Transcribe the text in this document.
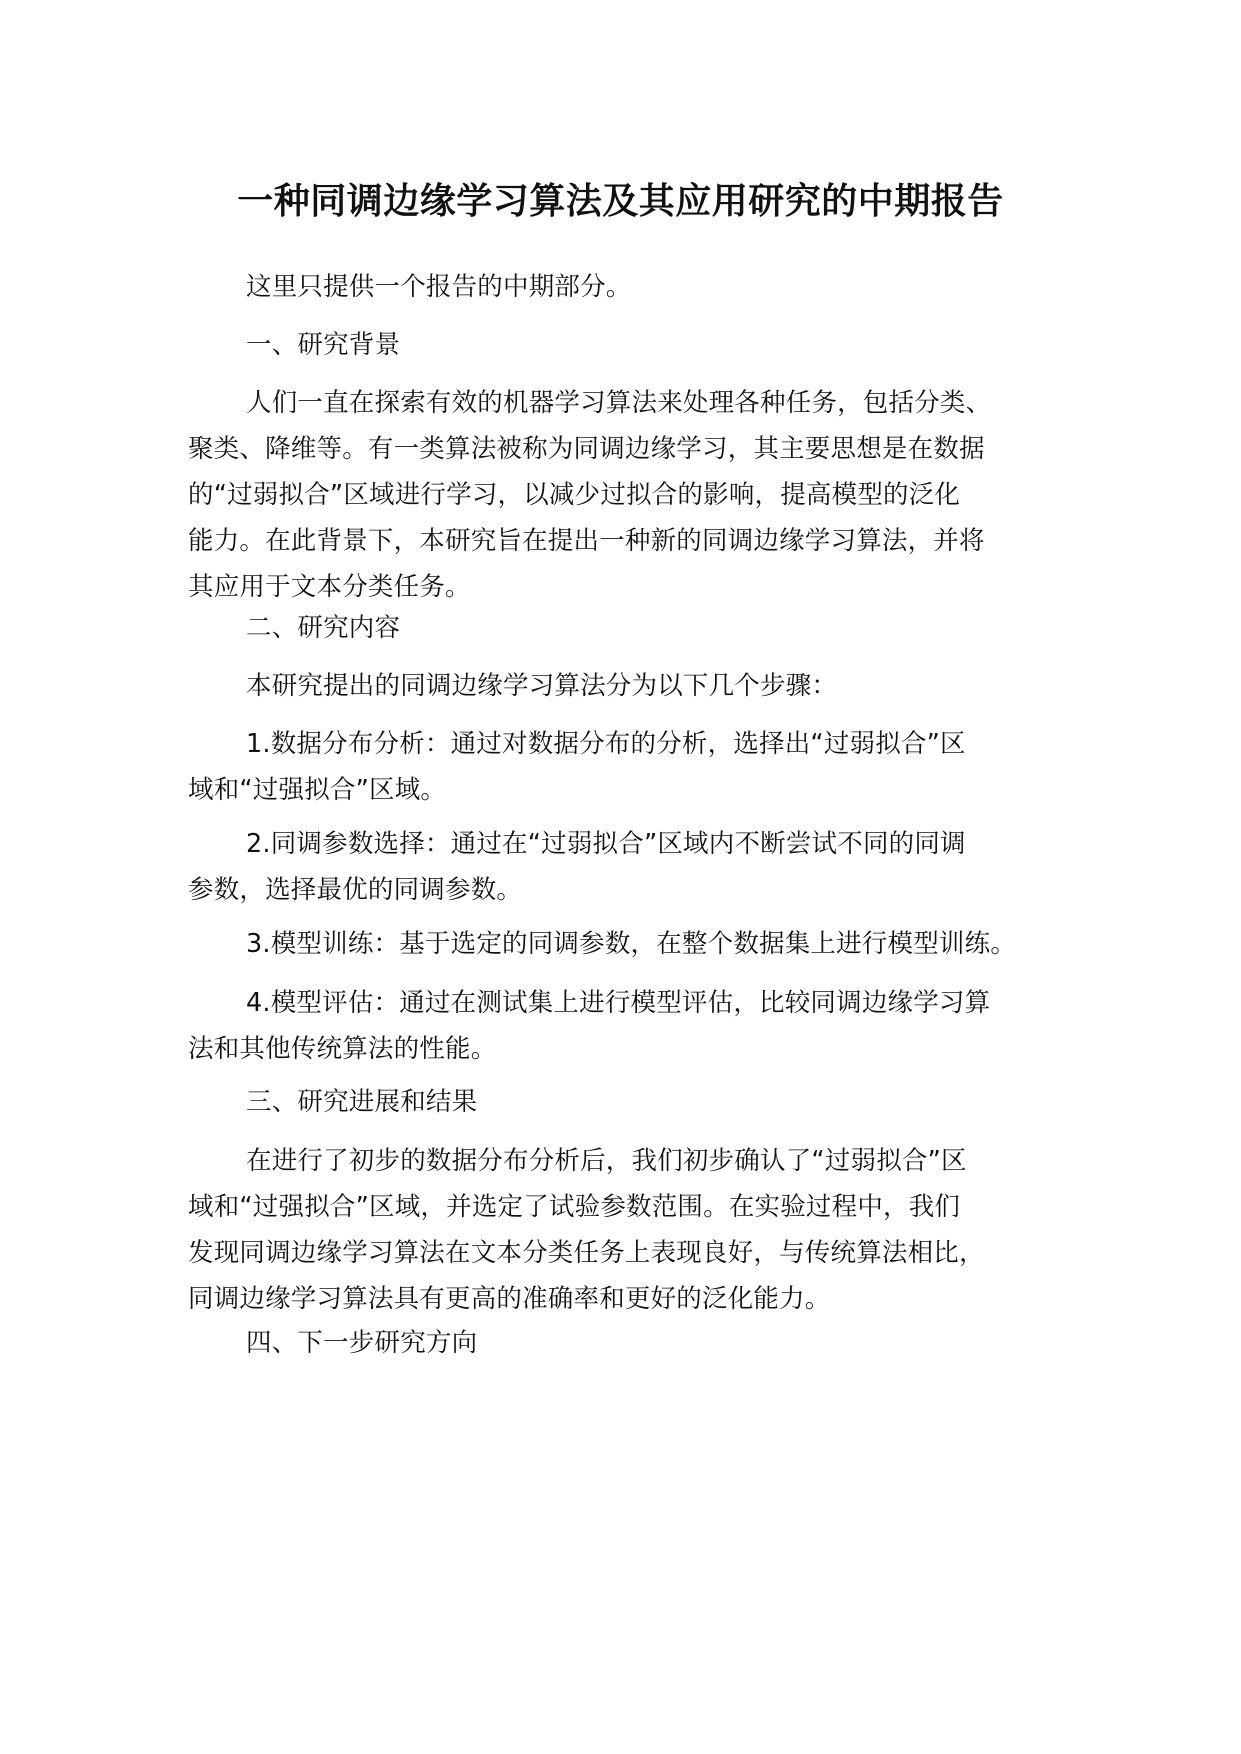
一种同调边缘学习算法及其应用研究的中期报告

这里只提供一个报告的中期部分。

一、研究背景

人们一直在探索有效的机器学习算法来处理各种任务，包括分类、
聚类、降维等。有一类算法被称为同调边缘学习，其主要思想是在数据
的“过弱拟合”区域进行学习，以减少过拟合的影响，提高模型的泛化
能力。在此背景下，本研究旨在提出一种新的同调边缘学习算法，并将
其应用于文本分类任务。

二、研究内容

本研究提出的同调边缘学习算法分为以下几个步骤：

1.数据分布分析：通过对数据分布的分析，选择出“过弱拟合”区
域和“过强拟合”区域。

2.同调参数选择：通过在“过弱拟合”区域内不断尝试不同的同调
参数，选择最优的同调参数。

3.模型训练：基于选定的同调参数，在整个数据集上进行模型训练。

4.模型评估：通过在测试集上进行模型评估，比较同调边缘学习算
法和其他传统算法的性能。

三、研究进展和结果

在进行了初步的数据分布分析后，我们初步确认了“过弱拟合”区
域和“过强拟合”区域，并选定了试验参数范围。在实验过程中，我们
发现同调边缘学习算法在文本分类任务上表现良好，与传统算法相比，
同调边缘学习算法具有更高的准确率和更好的泛化能力。

四、下一步研究方向
